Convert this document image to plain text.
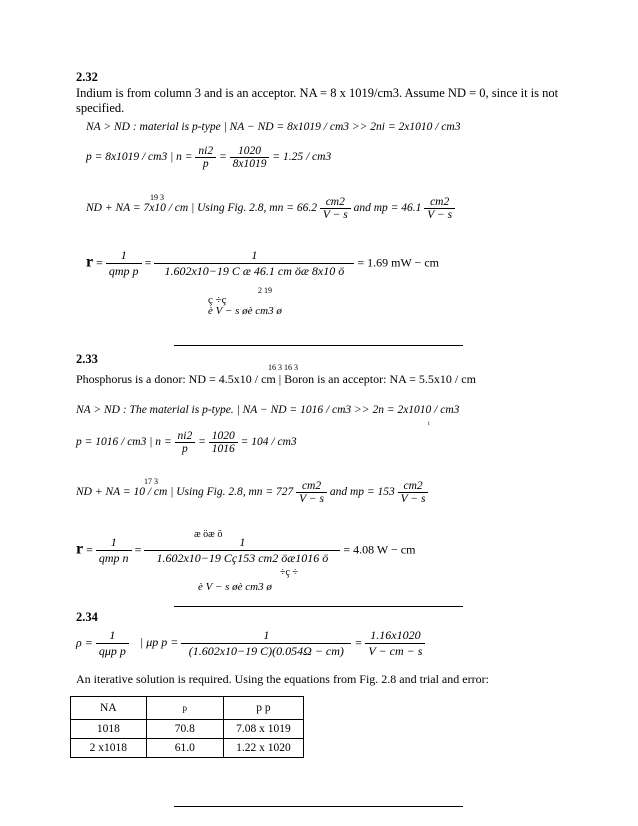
2.32
Indium is from column 3 and is an acceptor. NA = 8 x 1019/cm3. Assume ND = 0, since it is not
specified.
NA > ND : material is p-type | NA − ND = 8x1019 / cm3 >> 2ni = 2x1010 / cm3
p = 8x1019 / cm3 | $n = \frac{ni2}{p} = \frac{1020}{8x1019} = 1.25 / cm3$
19 3
ND + NA = 7x10 / cm | Using Fig. 2.8, mn = $66.2 \frac{cm2}{V - s}$ and mp = $46.1 \frac{cm2}{V - s}$
$r = \frac{1}{\text{qmp p}} = \frac{1}{\text{1.602x10−19 C æ 46.1 cm öæ 8x10 ö}} = 1.69$ mW − cm
2 19
ç ÷ç
è V − s øè cm3 ø
2.33
16 3 16 3
Phosphorus is a donor: ND = 4.5x10 / cm | Boron is an acceptor: NA = 5.5x10 / cm
NA > ND : The material is p-type. | NA − ND = 1016 / cm3 >> 2n = 2x1010 / cm3
i
p = 1016 / cm3 | $n = \frac{ni2}{p} = \frac{1020}{1016} = 104 / cm3$
17 3
ND + NA = 10 / cm | Using Fig. 2.8, mn = $727 \frac{cm2}{V - s}$ and mp = $153 \frac{cm2}{V - s}$
æ öæ ö
$r = \frac{1}{\text{qmp n}} = \frac{1}{1.602x10-19 Cç153 cm2 öæ1016 ö} = 4.08$ W − cm
÷ç ÷
è V − s øè cm3 ø
2.34
$\rho = \frac{1}{\text{qμp p}}$ | μp $p = \frac{1}{(1.602x10-19 C)(0.054\Omega - cm)} = \frac{1.16x1020}{V - cm - s}$
An iterative solution is required. Using the equations from Fig. 2.8 and trial and error:
NA	p	p p
1018	70.8	7.08 x 1019
2 x1018	61.0	1.22 x 1020
